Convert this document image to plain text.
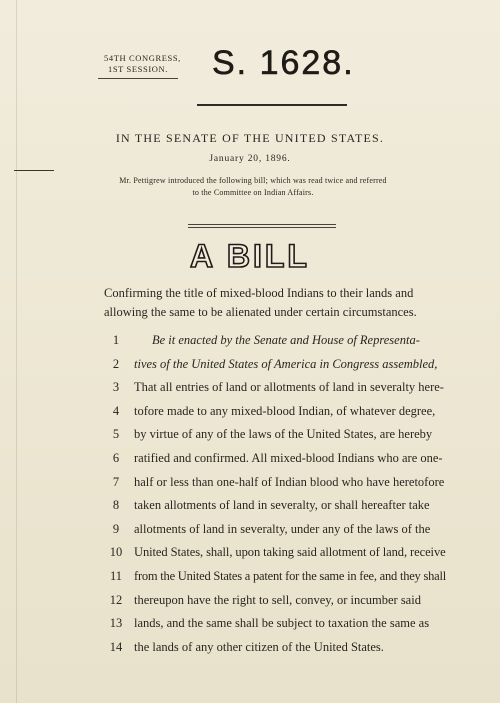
54TH CONGRESS,
1ST SESSION.	S. 1628.
IN THE SENATE OF THE UNITED STATES.
January 20, 1896.
Mr. Pettigrew introduced the following bill; which was read twice and referred to the Committee on Indian Affairs.
A BILL
Confirming the title of mixed-blood Indians to their lands and allowing the same to be alienated under certain circumstances.
1	Be it enacted by the Senate and House of Representa-
2	tives of the United States of America in Congress assembled,
3	That all entries of land or allotments of land in severalty here-
4	tofore made to any mixed-blood Indian, of whatever degree,
5	by virtue of any of the laws of the United States, are hereby
6	ratified and confirmed. All mixed-blood Indians who are one-
7	half or less than one-half of Indian blood who have heretofore
8	taken allotments of land in severalty, or shall hereafter take
9	allotments of land in severalty, under any of the laws of the
10 United States, shall, upon taking said allotment of land, receive
11 from the United States a patent for the same in fee, and they shall
12 thereupon have the right to sell, convey, or incumber said
13 lands, and the same shall be subject to taxation the same as
14 the lands of any other citizen of the United States.
